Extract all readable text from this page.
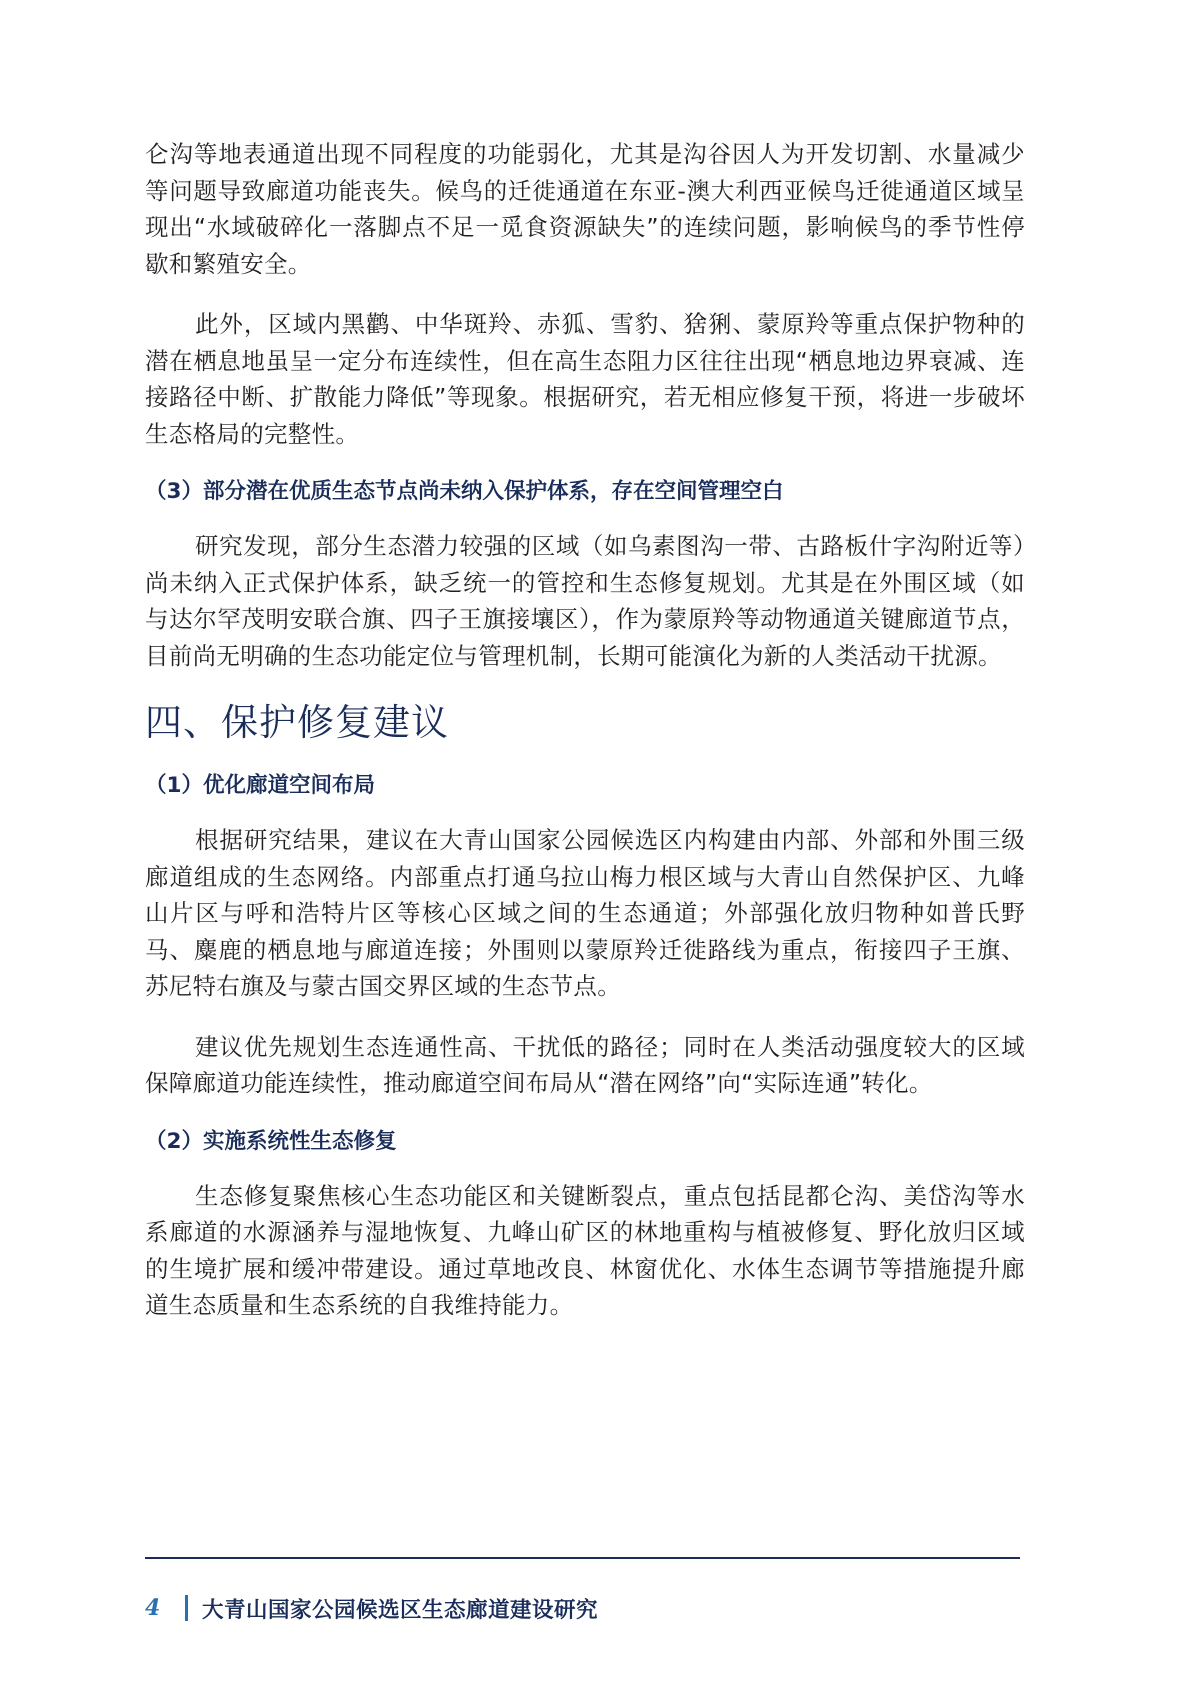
仑沟等地表通道出现不同程度的功能弱化，尤其是沟谷因人为开发切割、水量减少等问题导致廊道功能丧失。候鸟的迁徙通道在东亚-澳大利西亚候鸟迁徙通道区域呈现出“水域破碎化一落脚点不足一觅食资源缺失”的连续问题，影响候鸟的季节性停歇和繁殖安全。

此外，区域内黑鹳、中华斑羚、赤狐、雪豹、猞猁、蒙原羚等重点保护物种的潜在栖息地虽呈一定分布连续性，但在高生态阻力区往往出现“栖息地边界衰减、连接路径中断、扩散能力降低”等现象。根据研究，若无相应修复干预，将进一步破坏生态格局的完整性。

（3）部分潜在优质生态节点尚未纳入保护体系，存在空间管理空白

研究发现，部分生态潜力较强的区域（如乌素图沟一带、古路板什字沟附近等）尚未纳入正式保护体系，缺乏统一的管控和生态修复规划。尤其是在外围区域（如与达尔罕茂明安联合旗、四子王旗接壤区），作为蒙原羚等动物通道关键廊道节点，目前尚无明确的生态功能定位与管理机制，长期可能演化为新的人类活动干扰源。

四、保护修复建议
（1）优化廊道空间布局

根据研究结果，建议在大青山国家公园候选区内构建由内部、外部和外围三级廊道组成的生态网络。内部重点打通乌拉山梅力根区域与大青山自然保护区、九峰山片区与呼和浩特片区等核心区域之间的生态通道；外部强化放归物种如普氏野马、麋鹿的栖息地与廊道连接；外围则以蒙原羚迁徙路线为重点，衔接四子王旗、苏尼特右旗及与蒙古国交界区域的生态节点。

建议优先规划生态连通性高、干扰低的路径；同时在人类活动强度较大的区域保障廊道功能连续性，推动廊道空间布局从“潜在网络”向“实际连通”转化。

（2）实施系统性生态修复

生态修复聚焦核心生态功能区和关键断裂点，重点包括昆都仑沟、美岱沟等水系廊道的水源涵养与湿地恢复、九峰山矿区的林地重构与植被修复、野化放归区域的生境扩展和缓冲带建设。通过草地改良、林窗优化、水体生态调节等措施提升廊道生态质量和生态系统的自我维持能力。

4	大青山国家公园候选区生态廊道建设研究
